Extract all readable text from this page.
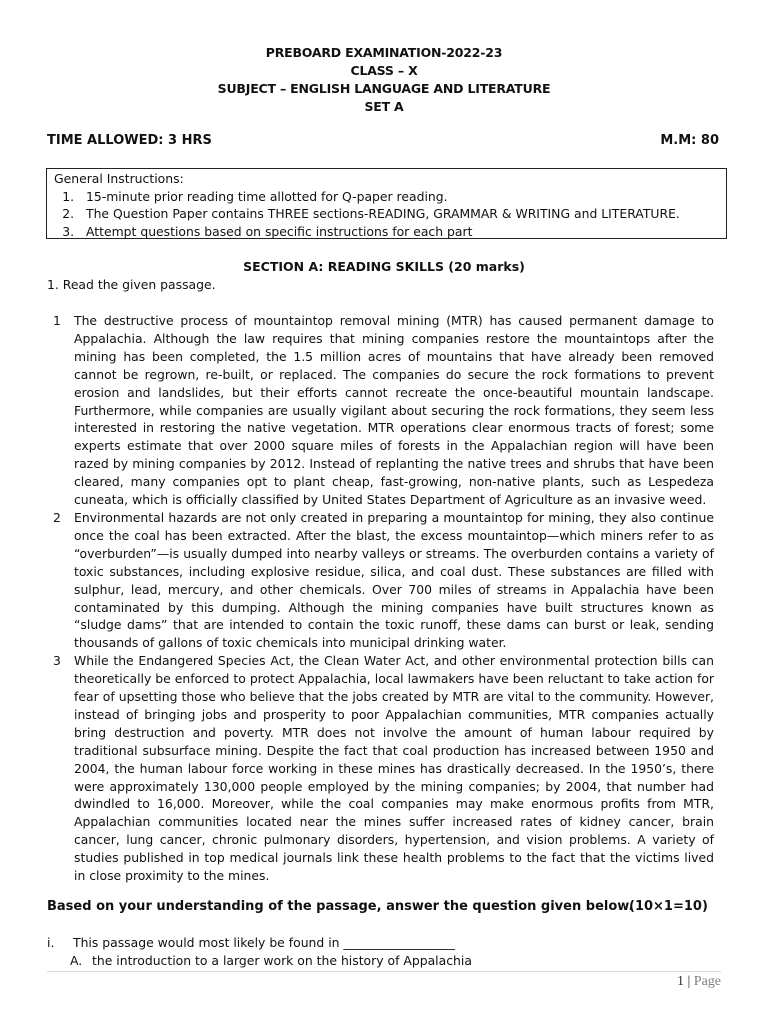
PREBOARD EXAMINATION-2022-23
CLASS – X
SUBJECT – ENGLISH LANGUAGE AND LITERATURE
SET A
TIME ALLOWED: 3 HRS	M.M: 80
General Instructions:
1. 15-minute prior reading time allotted for Q-paper reading.
2. The Question Paper contains THREE sections-READING, GRAMMAR & WRITING and LITERATURE.
3. Attempt questions based on specific instructions for each part
SECTION A: READING SKILLS (20 marks)
1. Read the given passage.
1 The destructive process of mountaintop removal mining (MTR) has caused permanent damage to Appalachia. Although the law requires that mining companies restore the mountaintops after the mining has been completed, the 1.5 million acres of mountains that have already been removed cannot be regrown, re-built, or replaced. The companies do secure the rock formations to prevent erosion and landslides, but their efforts cannot recreate the once-beautiful mountain landscape. Furthermore, while companies are usually vigilant about securing the rock formations, they seem less interested in restoring the native vegetation. MTR operations clear enormous tracts of forest; some experts estimate that over 2000 square miles of forests in the Appalachian region will have been razed by mining companies by 2012. Instead of replanting the native trees and shrubs that have been cleared, many companies opt to plant cheap, fast-growing, non-native plants, such as Lespedeza cuneata, which is officially classified by United States Department of Agriculture as an invasive weed.
2 Environmental hazards are not only created in preparing a mountaintop for mining, they also continue once the coal has been extracted. After the blast, the excess mountaintop—which miners refer to as “overburden”—is usually dumped into nearby valleys or streams. The overburden contains a variety of toxic substances, including explosive residue, silica, and coal dust. These substances are filled with sulphur, lead, mercury, and other chemicals. Over 700 miles of streams in Appalachia have been contaminated by this dumping. Although the mining companies have built structures known as “sludge dams” that are intended to contain the toxic runoff, these dams can burst or leak, sending thousands of gallons of toxic chemicals into municipal drinking water.
3 While the Endangered Species Act, the Clean Water Act, and other environmental protection bills can theoretically be enforced to protect Appalachia, local lawmakers have been reluctant to take action for fear of upsetting those who believe that the jobs created by MTR are vital to the community. However, instead of bringing jobs and prosperity to poor Appalachian communities, MTR companies actually bring destruction and poverty. MTR does not involve the amount of human labour required by traditional subsurface mining. Despite the fact that coal production has increased between 1950 and 2004, the human labour force working in these mines has drastically decreased. In the 1950’s, there were approximately 130,000 people employed by the mining companies; by 2004, that number had dwindled to 16,000. Moreover, while the coal companies may make enormous profits from MTR, Appalachian communities located near the mines suffer increased rates of kidney cancer, brain cancer, lung cancer, chronic pulmonary disorders, hypertension, and vision problems. A variety of studies published in top medical journals link these health problems to the fact that the victims lived in close proximity to the mines.
Based on your understanding of the passage, answer the question given below.
(10×1=10)
i. This passage would most likely be found in __________________
A. the introduction to a larger work on the history of Appalachia
1 | Page
